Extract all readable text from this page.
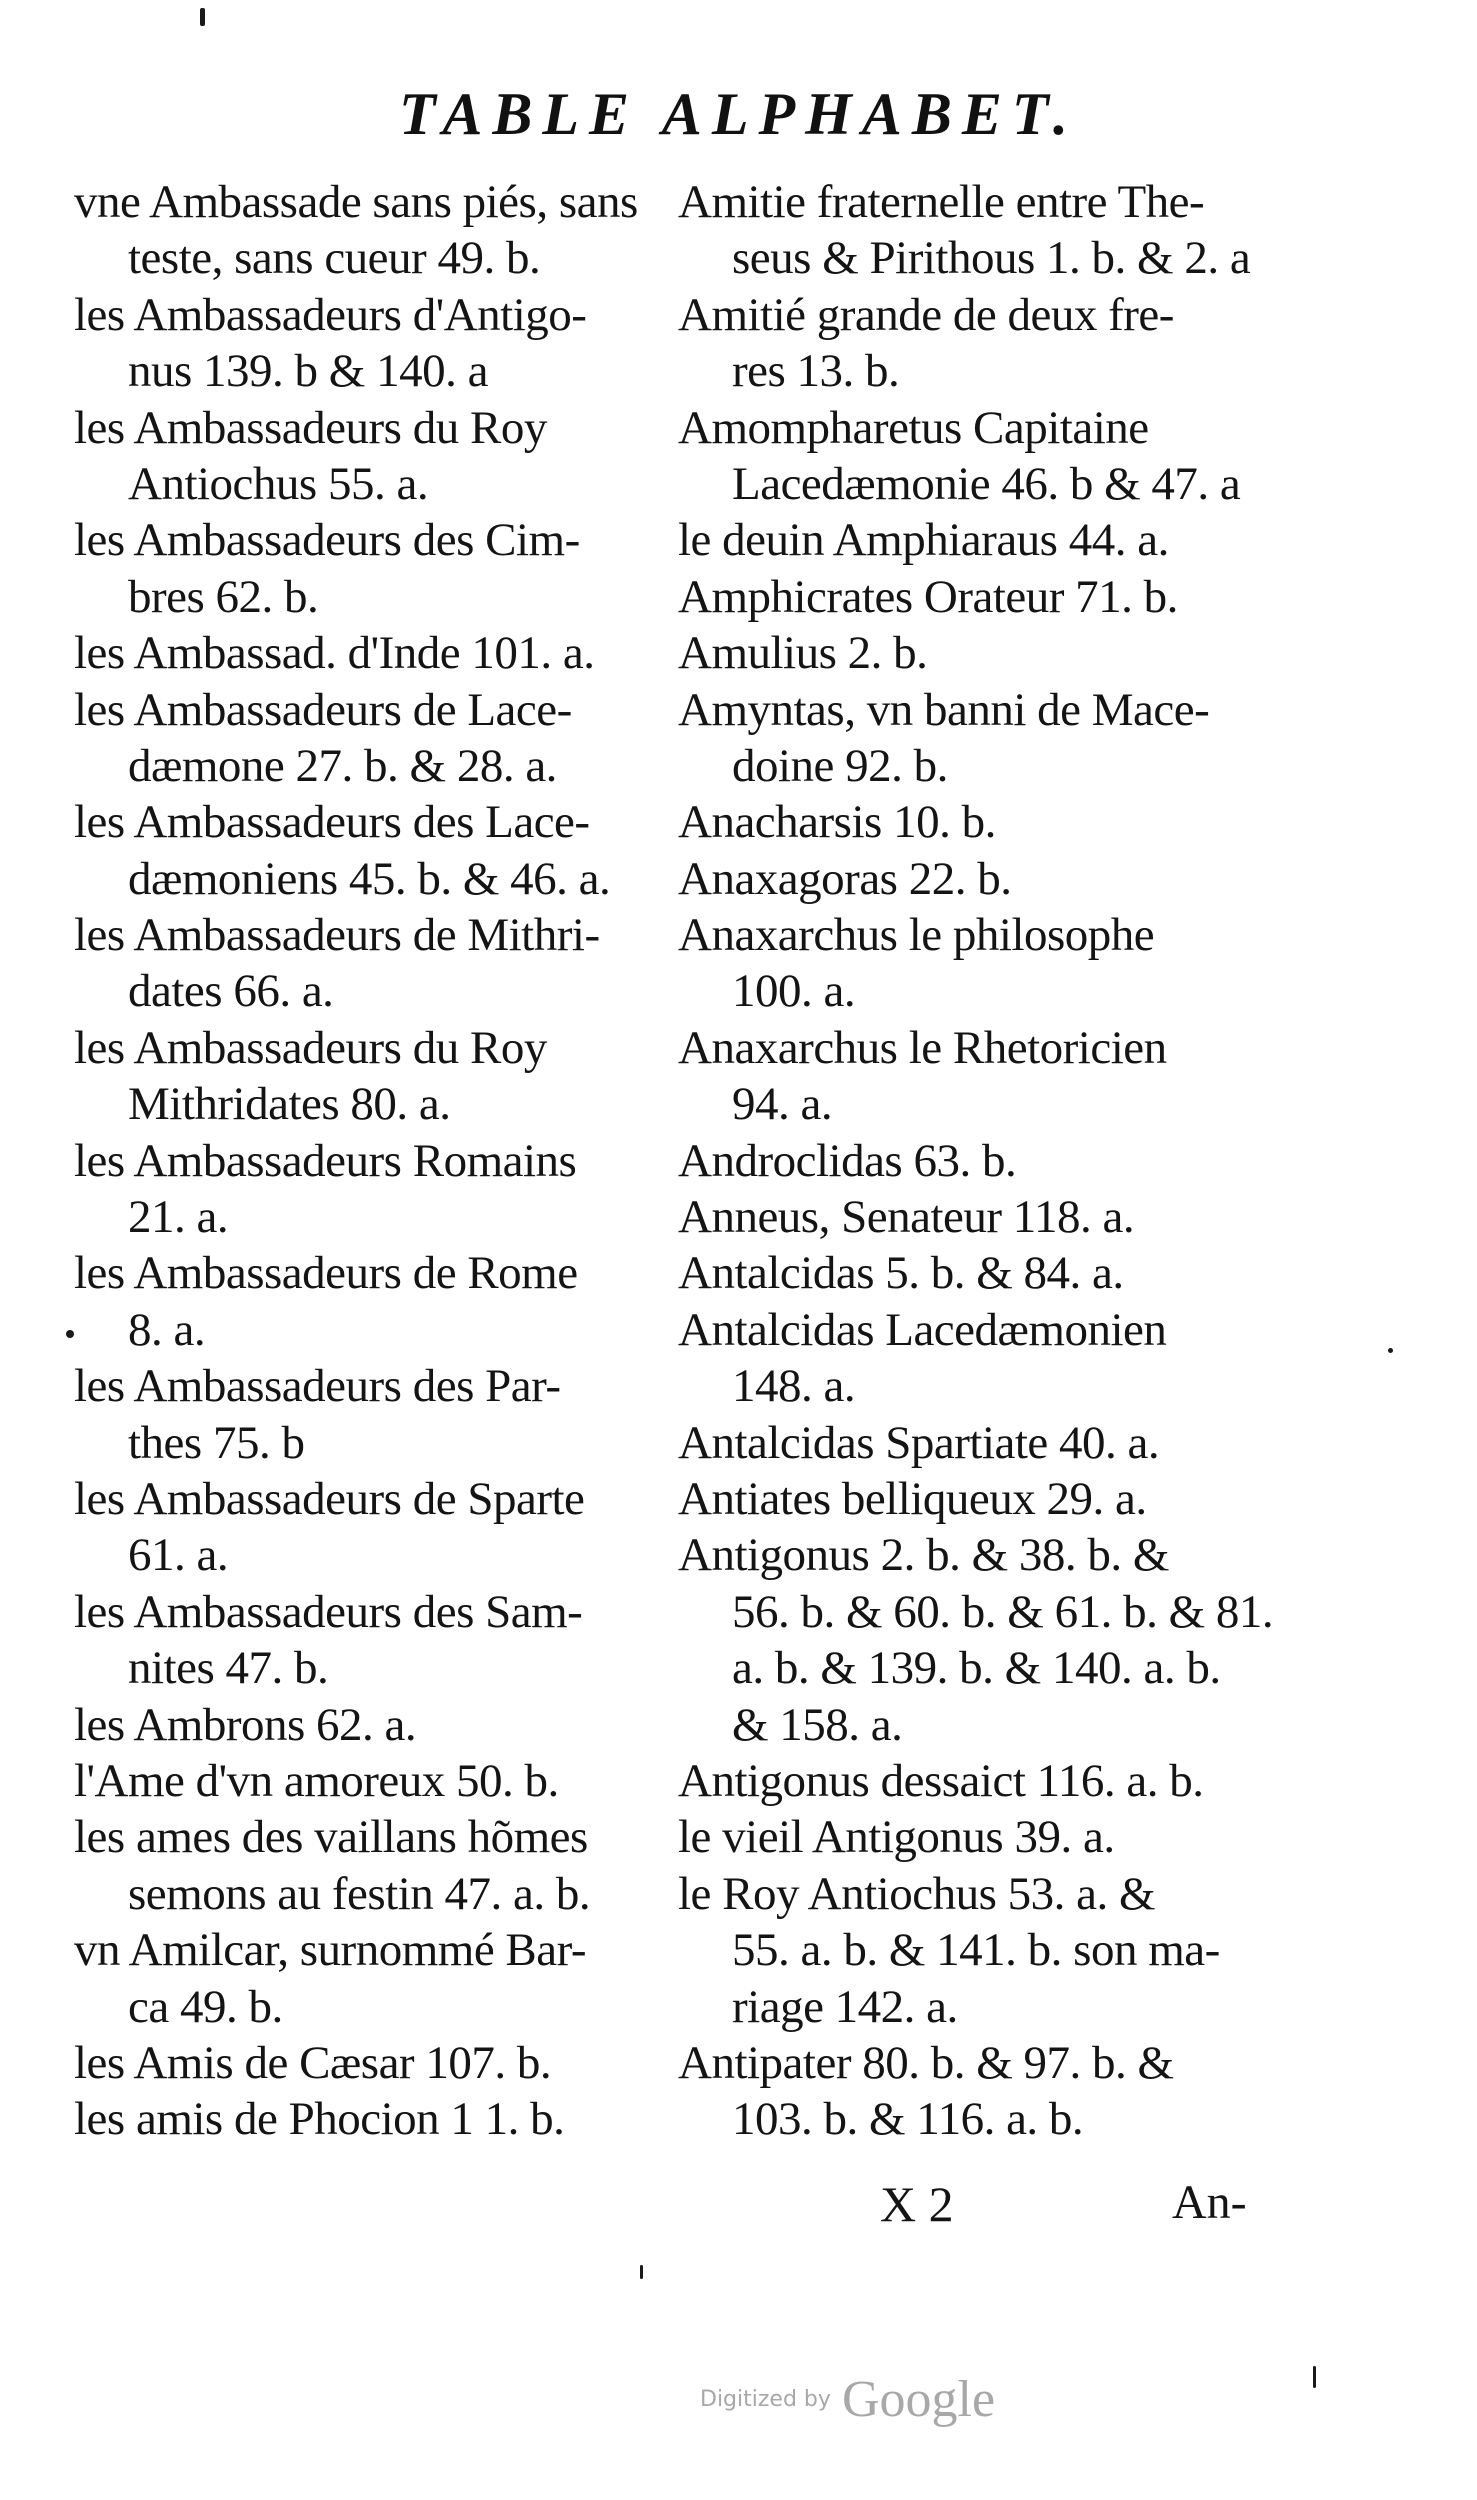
TABLE ALPHABET.
vne Ambassade sans piés, sans
teste, sans cueur 49. b.
les Ambassadeurs d'Antigo-
nus 139. b & 140. a
les Ambassadeurs du Roy
Antiochus 55. a.
les Ambassadeurs des Cim-
bres 62. b.
les Ambassad. d'Inde 101. a.
les Ambassadeurs de Lace-
dæmone 27. b. & 28. a.
les Ambassadeurs des Lace-
dæmoniens 45. b. & 46. a.
les Ambassadeurs de Mithri-
dates 66. a.
les Ambassadeurs du Roy
Mithridates 80. a.
les Ambassadeurs Romains
21. a.
les Ambassadeurs de Rome
8. a.
les Ambassadeurs des Par-
thes 75. b
les Ambassadeurs de Sparte
61. a.
les Ambassadeurs des Sam-
nites 47. b.
les Ambrons 62. a.
l'Ame d'vn amoreux 50. b.
les ames des vaillans hõmes
semons au festin 47. a. b.
vn Amilcar, surnommé Bar-
ca 49. b.
les Amis de Cæsar 107. b.
les amis de Phocion 1 1. b.
Amitie fraternelle entre The-
seus & Pirithous 1. b. & 2. a
Amitié grande de deux fre-
res 13. b.
Amompharetus Capitaine
Lacedæmonie 46. b & 47. a
le deuin Amphiaraus 44. a.
Amphicrates Orateur 71. b.
Amulius 2. b.
Amyntas, vn banni de Mace-
doine 92. b.
Anacharsis 10. b.
Anaxagoras 22. b.
Anaxarchus le philosophe
100. a.
Anaxarchus le Rhetoricien
94. a.
Androclidas 63. b.
Anneus, Senateur 118. a.
Antalcidas 5. b. & 84. a.
Antalcidas Lacedæmonien
148. a.
Antalcidas Spartiate 40. a.
Antiates belliqueux 29. a.
Antigonus 2. b. & 38. b. &
56. b. & 60. b. & 61. b. & 81.
a. b. & 139. b. & 140. a. b.
& 158. a.
Antigonus dessaict 116. a. b.
le vieil Antigonus 39. a.
le Roy Antiochus 53. a. &
55. a. b. & 141. b. son ma-
riage 142. a.
Antipater 80. b. & 97. b. &
103. b. & 116. a. b.
X 2	An-
Digitized by Google
